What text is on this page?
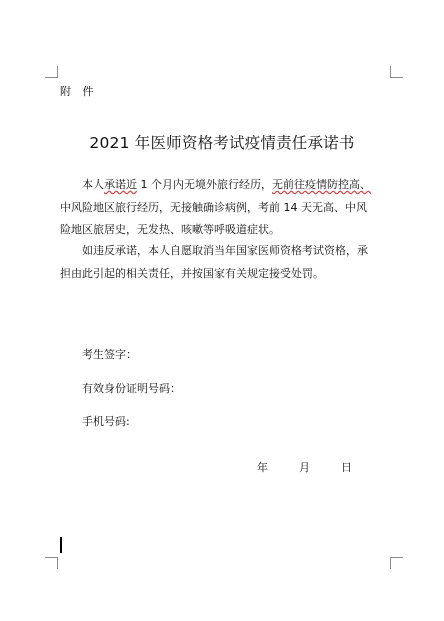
附 件
2021 年医师资格考试疫情责任承诺书
本人承诺近 1 个月内无境外旅行经历，无前往疫情防控高、
中风险地区旅行经历，无接触确诊病例，考前 14 天无高、中风
险地区旅居史，无发热、咳嗽等呼吸道症状。
如违反承诺，本人自愿取消当年国家医师资格考试资格，承
担由此引起的相关责任，并按国家有关规定接受处罚。
考生签字：
有效身份证明号码：
手机号码:
年	月	日
